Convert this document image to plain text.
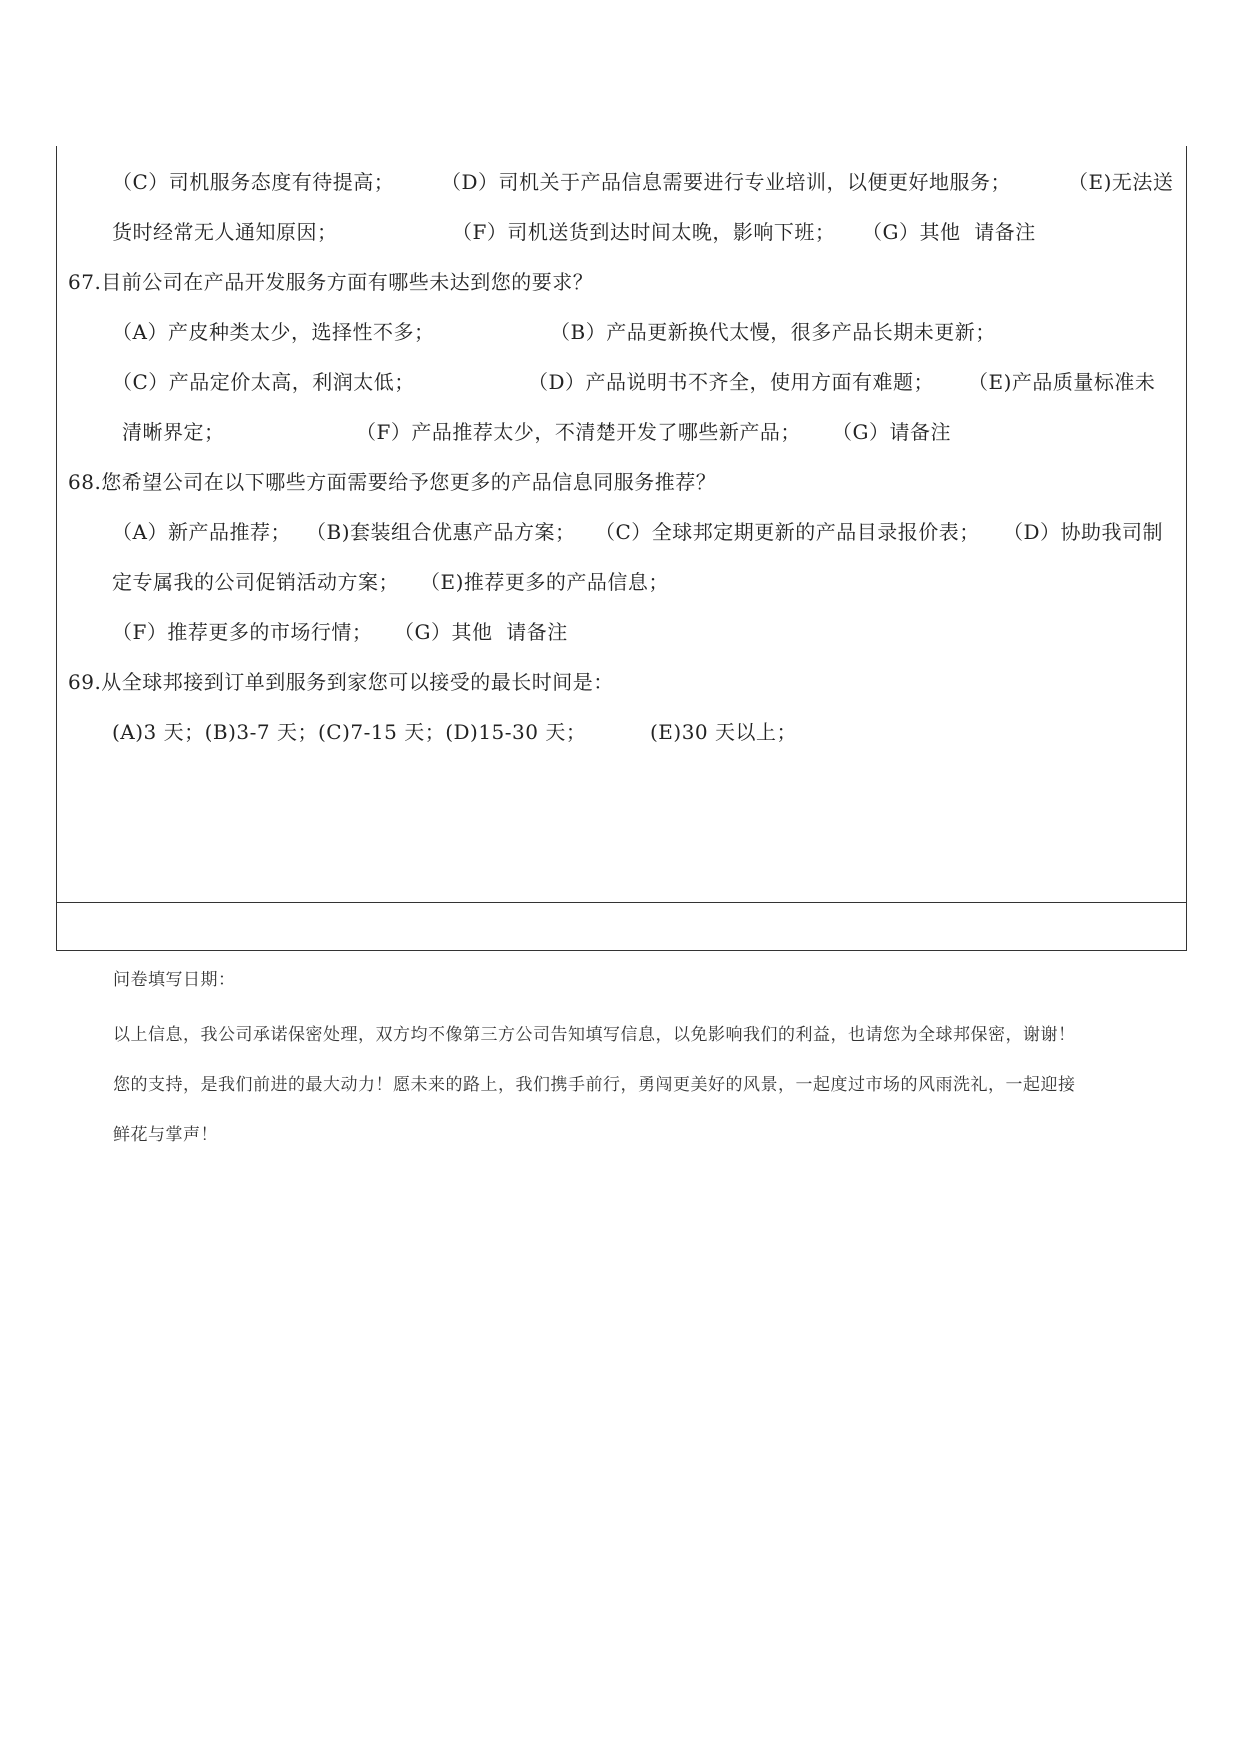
（C）司机服务态度有待提高； （D）司机关于产品信息需要进行专业培训，以便更好地服务；	（E)无法送
货时经常无人通知原因；	（F）司机送货到达时间太晚，影响下班； （G）其他  请备注
67.目前公司在产品开发服务方面有哪些未达到您的要求？
（A）产皮种类太少，选择性不多；	（B）产品更新换代太慢，很多产品长期未更新；
（C）产品定价太高，利润太低；	（D）产品说明书不齐全，使用方面有难题； （E)产品质量标准未
清晰界定；	（F）产品推荐太少，不清楚开发了哪些新产品； （G）请备注
68.您希望公司在以下哪些方面需要给予您更多的产品信息同服务推荐？
（A）新产品推荐； （B)套装组合优惠产品方案； （C）全球邦定期更新的产品目录报价表； （D）协助我司制
定专属我的公司促销活动方案； （E)推荐更多的产品信息；
（F）推荐更多的市场行情； （G）其他  请备注
69.从全球邦接到订单到服务到家您可以接受的最长时间是：
(A)3 天；(B)3-7 天；(C)7-15 天；(D)15-30 天；	(E)30 天以上；
问卷填写日期：
以上信息，我公司承诺保密处理，双方均不像第三方公司告知填写信息，以免影响我们的利益，也请您为全球邦保密，谢谢！
您的支持，是我们前进的最大动力！愿未来的路上，我们携手前行，勇闯更美好的风景，一起度过市场的风雨洗礼，一起迎接
鲜花与掌声！
